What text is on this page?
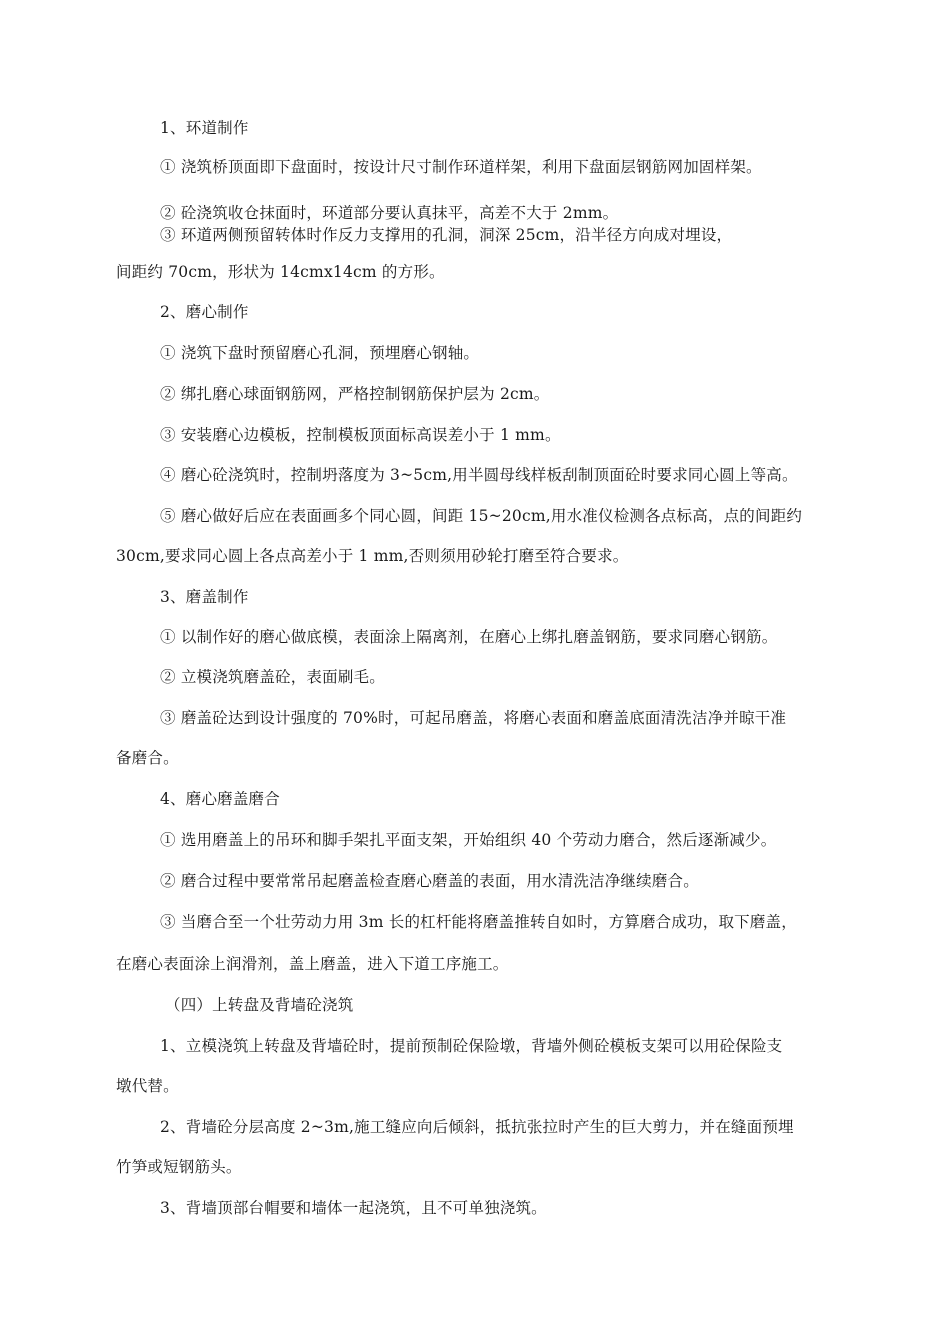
1、环道制作
① 浇筑桥顶面即下盘面时，按设计尺寸制作环道样架，利用下盘面层钢筋网加固样架。
② 砼浇筑收仓抹面时，环道部分要认真抹平，高差不大于 2mm。
③ 环道两侧预留转体时作反力支撑用的孔洞，洞深 25cm，沿半径方向成对埋设，
间距约 70cm，形状为 14cmx14cm 的方形。
2、磨心制作
① 浇筑下盘时预留磨心孔洞，预埋磨心钢轴。
② 绑扎磨心球面钢筋网，严格控制钢筋保护层为 2cm。
③ 安装磨心边模板，控制模板顶面标高误差小于 1 mm。
④ 磨心砼浇筑时，控制坍落度为 3~5cm,用半圆母线样板刮制顶面砼时要求同心圆上等高。
⑤ 磨心做好后应在表面画多个同心圆，间距 15~20cm,用水准仪检测各点标高，点的间距约
30cm,要求同心圆上各点高差小于 1 mm,否则须用砂轮打磨至符合要求。
3、磨盖制作
① 以制作好的磨心做底模，表面涂上隔离剂，在磨心上绑扎磨盖钢筋，要求同磨心钢筋。
② 立模浇筑磨盖砼，表面刷毛。
③ 磨盖砼达到设计强度的 70%时，可起吊磨盖，将磨心表面和磨盖底面清洗洁净并晾干准
备磨合。
4、磨心磨盖磨合
① 选用磨盖上的吊环和脚手架扎平面支架，开始组织 40 个劳动力磨合，然后逐渐减少。
② 磨合过程中要常常吊起磨盖检查磨心磨盖的表面，用水清洗洁净继续磨合。
③ 当磨合至一个壮劳动力用 3m 长的杠杆能将磨盖推转自如时，方算磨合成功，取下磨盖，
在磨心表面涂上润滑剂，盖上磨盖，进入下道工序施工。
（四）上转盘及背墙砼浇筑
1、立模浇筑上转盘及背墙砼时，提前预制砼保险墩，背墙外侧砼模板支架可以用砼保险支
墩代替。
2、背墙砼分层高度 2~3m,施工缝应向后倾斜，抵抗张拉时产生的巨大剪力，并在缝面预埋
竹笋或短钢筋头。
3、背墙顶部台帽要和墙体一起浇筑，且不可单独浇筑。
